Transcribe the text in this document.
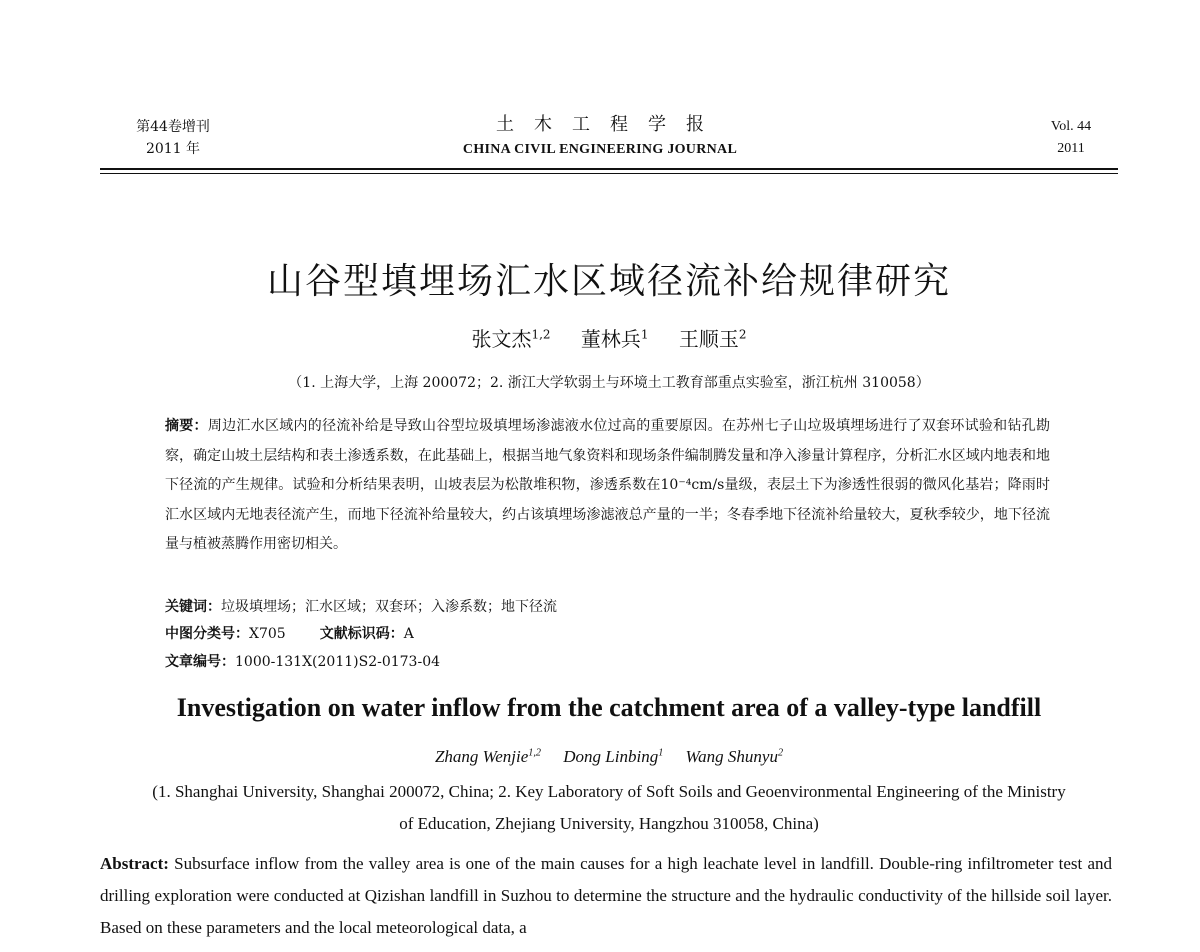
第44卷增刊
2011 年
土木工程学报
CHINA CIVIL ENGINEERING JOURNAL
Vol. 44
2011
山谷型填埋场汇水区域径流补给规律研究
张文杰$^{1,2}$ 董林兵$^1$ 王顺玉$^2$
（1. 上海大学，上海 200072；2. 浙江大学软弱土与环境土工教育部重点实验室，浙江杭州 310058）

摘要：周边汇水区域内的径流补给是导致山谷型垃圾填埋场渗滤液水位过高的重要原因。在苏州七子山垃圾填埋场进行了双套环试验和钻孔勘察，确定山坡土层结构和表土渗透系数，在此基础上，根据当地气象资料和现场条件编制腾发量和净入渗量计算程序，分析汇水区域内地表和地下径流的产生规律。试验和分析结果表明，山坡表层为松散堆积物，渗透系数在10⁻⁴cm/s量级，表层土下为渗透性很弱的微风化基岩；降雨时汇水区域内无地表径流产生，而地下径流补给量较大，约占该填埋场渗滤液总产量的一半；冬春季地下径流补给量较大，夏秋季较少，地下径流量与植被蒸腾作用密切相关。

关键词：垃圾填埋场；汇水区域；双套环；入渗系数；地下径流
中图分类号：X705 文献标识码：A
文章编号：1000-131X(2011)S2-0173-04
Investigation on water inflow from the catchment area of a valley-type landfill
Zhang Wenjie$^{1,2}$ Dong Linbing$^1$ Wang Shunyu$^2$
(1. Shanghai University, Shanghai 200072, China; 2. Key Laboratory of Soft Soils and Geoenvironmental Engineering of the Ministry of Education, Zhejiang University, Hangzhou 310058, China)

Abstract: Subsurface inflow from the valley area is one of the main causes for a high leachate level in landfill. Double-ring infiltrometer test and drilling exploration were conducted at Qizishan landfill in Suzhou to determine the structure and the hydraulic conductivity of the hillside soil layer. Based on these parameters and the local meteorological data, a
